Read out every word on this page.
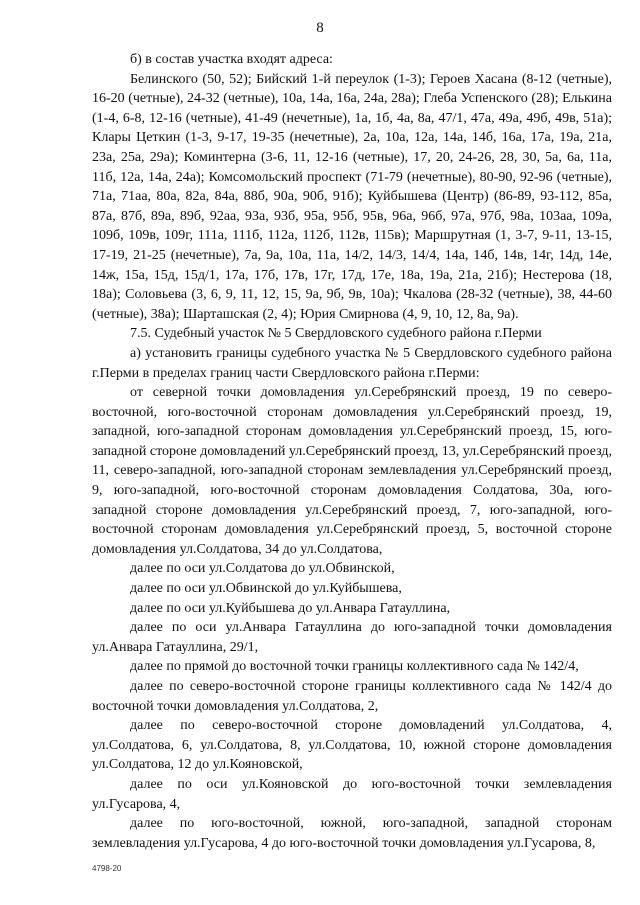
8

б) в состав участка входят адреса:

Белинского (50, 52); Бийский 1-й переулок (1-3); Героев Хасана (8-12 (четные), 16-20 (четные), 24-32 (четные), 10а, 14а, 16а, 24а, 28а); Глеба Успенского (28); Елькина (1-4, 6-8, 12-16 (четные), 41-49 (нечетные), 1а, 1б, 4а, 8а, 47/1, 47а, 49а, 49б, 49в, 51а); Клары Цеткин (1-3, 9-17, 19-35 (нечетные), 2а, 10а, 12а, 14а, 14б, 16а, 17а, 19а, 21а, 23а, 25а, 29а); Коминтерна (3-6, 11, 12-16 (четные), 17, 20, 24-26, 28, 30, 5а, 6а, 11а, 11б, 12а, 14а, 24а); Комсомольский проспект (71-79 (нечетные), 80-90, 92-96 (четные), 71а, 71аа, 80а, 82а, 84а, 88б, 90а, 90б, 91б); Куйбышева (Центр) (86-89, 93-112, 85а, 87а, 87б, 89а, 89б, 92аа, 93а, 93б, 95а, 95б, 95в, 96а, 96б, 97а, 97б, 98а, 103аа, 109а, 109б, 109в, 109г, 111а, 111б, 112а, 112б, 112в, 115в); Маршрутная (1, 3-7, 9-11, 13-15, 17-19, 21-25 (нечетные), 7а, 9а, 10а, 11а, 14/2, 14/3, 14/4, 14а, 14б, 14в, 14г, 14д, 14е, 14ж, 15а, 15д, 15д/1, 17а, 17б, 17в, 17г, 17д, 17е, 18а, 19а, 21а, 21б); Нестерова (18, 18а); Соловьева (3, 6, 9, 11, 12, 15, 9а, 9б, 9в, 10а); Чкалова (28-32 (четные), 38, 44-60 (четные), 38а); Шарташская (2, 4); Юрия Смирнова (4, 9, 10, 12, 8а, 9а).

7.5. Судебный участок № 5 Свердловского судебного района г.Перми

а) установить границы судебного участка № 5 Свердловского судебного района г.Перми в пределах границ части Свердловского района г.Перми:

от северной точки домовладения ул.Серебрянский проезд, 19 по северо-восточной, юго-восточной сторонам домовладения ул.Серебрянский проезд, 19, западной, юго-западной сторонам домовладения ул.Серебрянский проезд, 15, юго-западной стороне домовладений ул.Серебрянский проезд, 13, ул.Серебрянский проезд, 11, северо-западной, юго-западной сторонам землевладения ул.Серебрянский проезд, 9, юго-западной, юго-восточной сторонам домовладения Солдатова, 30а, юго-западной стороне домовладения ул.Серебрянский проезд, 7, юго-западной, юго-восточной сторонам домовладения ул.Серебрянский проезд, 5, восточной стороне домовладения ул.Солдатова, 34 до ул.Солдатова,

далее по оси ул.Солдатова до ул.Обвинской,

далее по оси ул.Обвинской до ул.Куйбышева,

далее по оси ул.Куйбышева до ул.Анвара Гатауллина,

далее по оси ул.Анвара Гатауллина до юго-западной точки домовладения ул.Анвара Гатауллина, 29/1,

далее по прямой до восточной точки границы коллективного сада № 142/4,

далее по северо-восточной стороне границы коллективного сада № 142/4 до восточной точки домовладения ул.Солдатова, 2,

далее по северо-восточной стороне домовладений ул.Солдатова, 4, ул.Солдатова, 6, ул.Солдатова, 8, ул.Солдатова, 10, южной стороне домовладения ул.Солдатова, 12 до ул.Кояновской,

далее по оси ул.Кояновской до юго-восточной точки землевладения ул.Гусарова, 4,

далее по юго-восточной, южной, юго-западной, западной сторонам землевладения ул.Гусарова, 4 до юго-восточной точки домовладения ул.Гусарова, 8,

4798-20
